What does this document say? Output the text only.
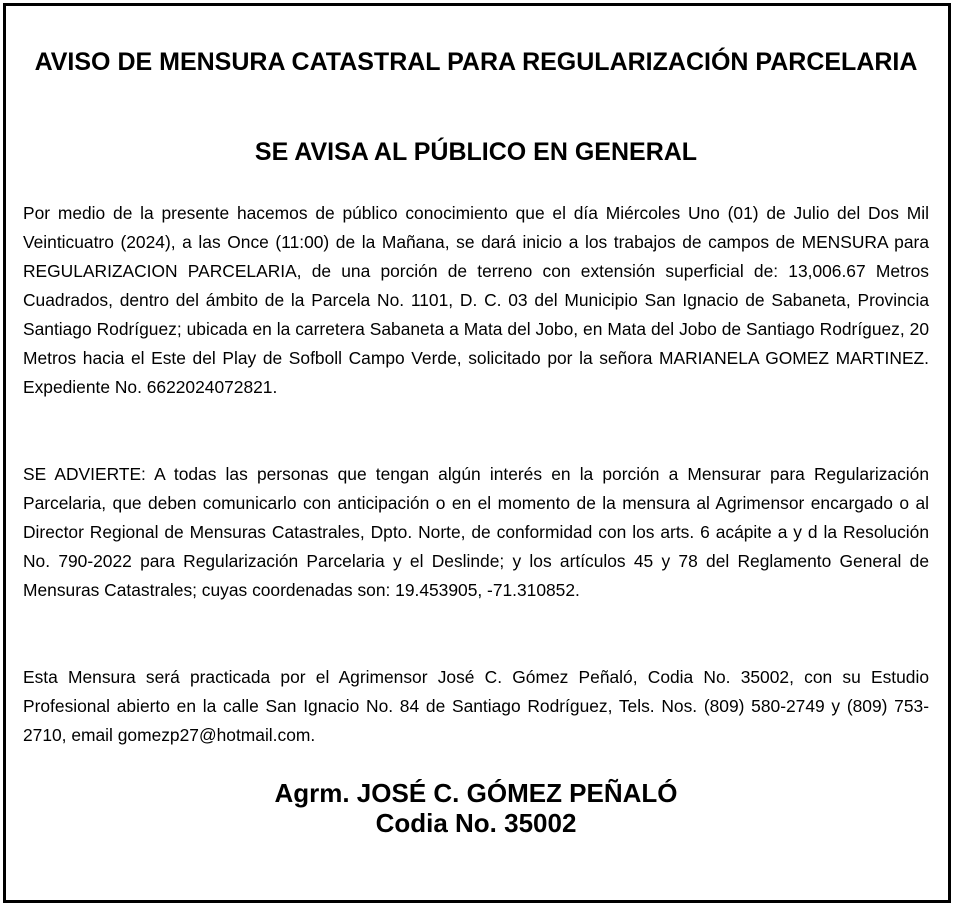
AVISO DE MENSURA CATASTRAL PARA REGULARIZACIÓN PARCELARIA
SE AVISA AL PÚBLICO EN GENERAL

Por medio de la presente hacemos de público conocimiento que el día Miércoles Uno (01) de Julio del Dos Mil Veinticuatro (2024), a las Once (11:00) de la Mañana, se dará inicio a los trabajos de campos de MENSURA para REGULARIZACION PARCELARIA, de una porción de terreno con extensión superficial de: 13,006.67 Metros Cuadrados, dentro del ámbito de la Parcela No. 1101, D. C. 03 del Municipio San Ignacio de Sabaneta, Provincia Santiago Rodríguez; ubicada en la carretera Sabaneta a Mata del Jobo, en Mata del Jobo de Santiago Rodríguez, 20 Metros hacia el Este del Play de Sofboll Campo Verde, solicitado por la señora MARIANELA GOMEZ MARTINEZ. Expediente No. 6622024072821.

SE ADVIERTE: A todas las personas que tengan algún interés en la porción a Mensurar para Regularización Parcelaria, que deben comunicarlo con anticipación o en el momento de la mensura al Agrimensor encargado o al Director Regional de Mensuras Catastrales, Dpto. Norte, de conformidad con los arts. 6 acápite a y d la Resolución No. 790-2022 para Regularización Parcelaria y el Deslinde; y los artículos 45 y 78 del Reglamento General de Mensuras Catastrales; cuyas coordenadas son: 19.453905, -71.310852.

Esta Mensura será practicada por el Agrimensor José C. Gómez Peñaló, Codia No. 35002, con su Estudio Profesional abierto en la calle San Ignacio No. 84 de Santiago Rodríguez, Tels. Nos. (809) 580-2749 y (809) 753-2710, email gomezp27@hotmail.com.

Agrm. JOSÉ C. GÓMEZ PEÑALÓ
Codia No. 35002
